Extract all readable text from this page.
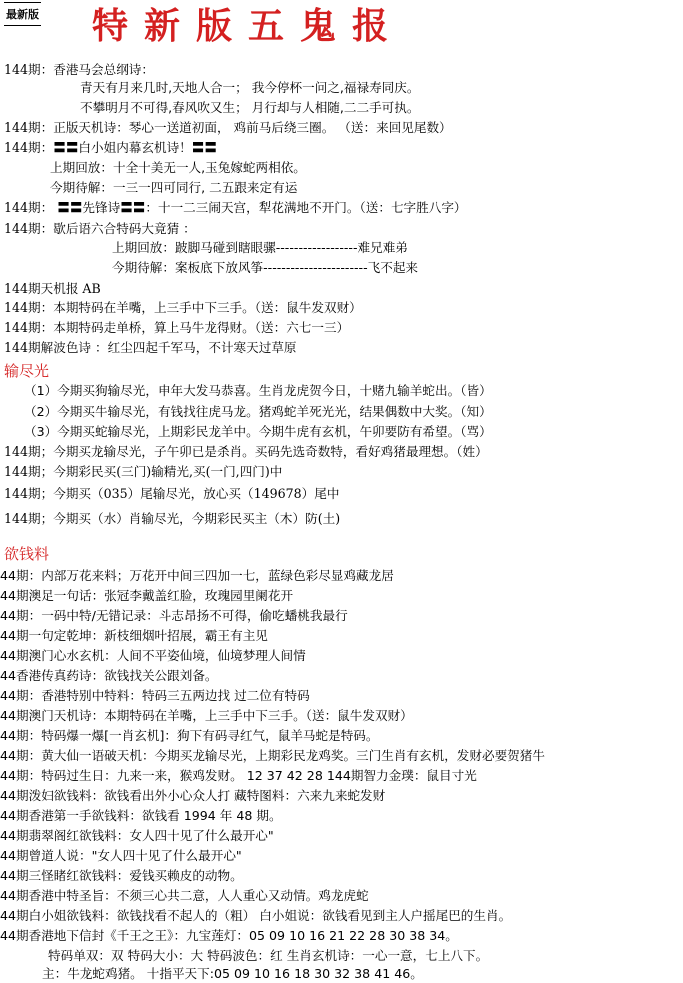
最新版 特新版五鬼报
144期：香港马会总纲诗：
青天有月来几时,天地人合一； 我今停杯一问之,福禄寿同庆。
不攀明月不可得,春风吹又生； 月行却与人相随,二二手可执。
144期：正版天机诗：琴心一送道初面， 鸡前马后绕三圈。 （送：来回见尾数）
144期：〓〓白小姐内幕玄机诗！〓〓
上期回放：十全十美无一人,玉兔嫁蛇两相依。
今期待解：一三一四可同行, 二五跟来定有运
144期： 〓〓先锋诗〓〓：十一二三闹天宫，犁花满地不开门。（送：七字胜八字）
144期：歇后语六合特码大竟猜 ：
上期回放：跛脚马碰到瞎眼骡------------------难兄难弟
今期待解：案板底下放风筝-----------------------飞不起来
144期天机报 AB
144期：本期特码在羊嘴，上三手中下三手。（送：鼠牛发双财）
144期：本期特码走单桥，算上马牛龙得财。（送：六七一三）
144期解波色诗 ：红尘四起千军马，不计寒天过草原
输尽光
（1）今期买狗输尽光，申年大发马恭喜。生肖龙虎贺今日，十赌九输羊蛇出。（皆）
（2）今期买牛输尽光，有钱找往虎马龙。猪鸡蛇羊死光光，结果偶数中大奖。（知）
（3）今期买蛇输尽光，上期彩民龙羊中。今期牛虎有玄机，午卯要防有希望。（骂）
144期；今期买龙输尽光，子午卯已是杀肖。买码先选奇数特，看好鸡猪最理想。（姓）
144期；今期彩民买(三门)输精光,买(一门,四门)中
144期；今期买（035）尾输尽光，放心买（149678）尾中
144期；今期买（水）肖输尽光，今期彩民买主（木）防(土)
欲钱料
44期：内部万花来料；万花开中间三四加一七，蓝绿色彩尽显鸡藏龙居
44期澳足一句话：张冠李戴盖红脸，玫瑰园里阑花开
44期：一码中特/无错记录：斗志昂扬不可得，偷吃蟠桃我最行
44期一句定乾坤：新枝细烟叶招展，霸王有主见
44期澳门心水玄机：人间不平姿仙境，仙境梦理人间情
44香港传真药诗：欲钱找关公跟刘备。
44期：香港特别中特料：特码三五两边找 过二位有特码
44期澳门天机诗：本期特码在羊嘴，上三手中下三手。（送：鼠牛发双财）
44期：特码爆一爆[一肖玄机]：狗下有码寻红气，鼠羊马蛇是特码。
44期：黄大仙一语破天机：今期买龙输尽光，上期彩民龙鸡奖。三门生肖有玄机，发财必要贺猪牛
44期：特码过生日：九来一来，猴鸡发财。 12 37 42 28 144期智力金璞：鼠目寸光
44期泼妇欲钱料：欲钱看出外小心众人打 藏特图料：六来九来蛇发财
44期香港第一手欲钱料：欲钱看 1994 年 48 期。
44期翡翠阁红欲钱料：女人四十见了什么最开心"
44期曾道人说："女人四十见了什么最开心"
44期三怪睹红欲钱料：爱钱买赖皮的动物。
44期香港中特圣旨：不须三心共二意，人人重心又动情。鸡龙虎蛇
44期白小姐欲钱料：欲钱找看不起人的（粗） 白小姐说：欲钱看见到主人户摇尾巴的生肖。
44期香港地下信封《千王之王》：九宝莲灯：05 09 10 16 21 22 28 30 38 34。
特码单双：双 特码大小：大 特码波色：红 生肖玄机诗：一心一意，七上八下。
主：牛龙蛇鸡猪。 十指平天下:05 09 10 16 18 30 32 38 41 46。
